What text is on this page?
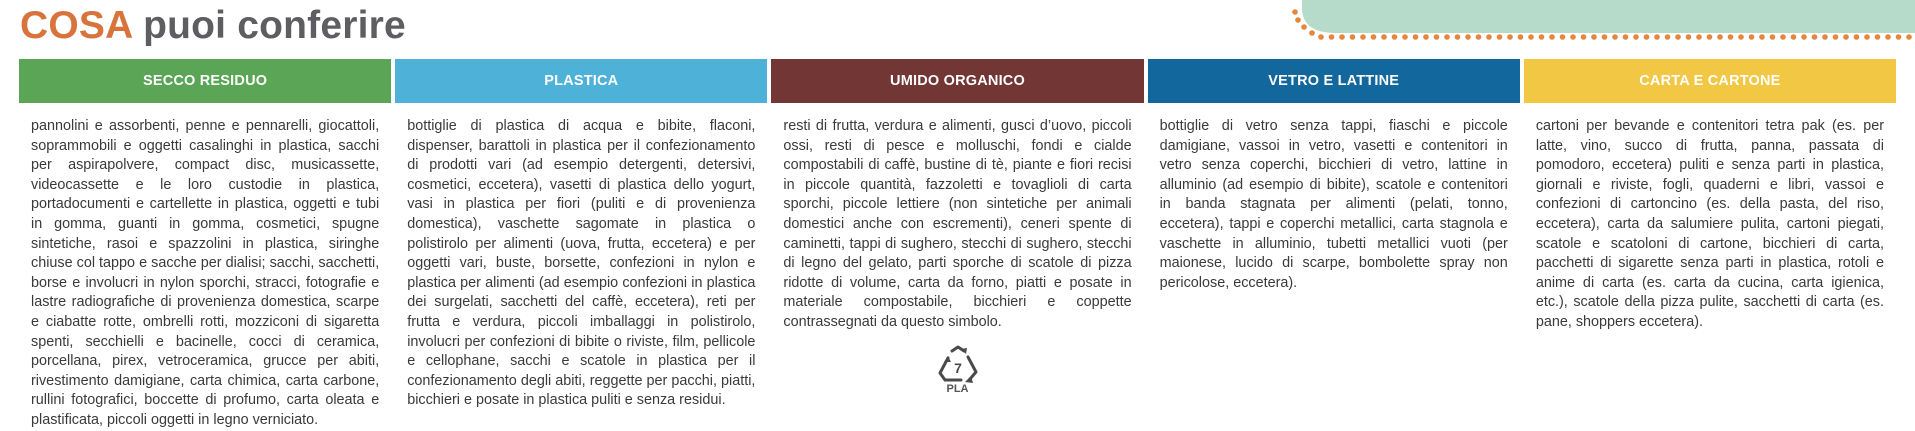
COSA puoi conferire
SECCO RESIDUO

pannolini e assorbenti, penne e pennarelli, giocattoli, soprammobili e oggetti casalinghi in plastica, sacchi per aspirapolvere, compact disc, musicassette, videocassette e le loro custodie in plastica, portadocumenti e cartellette in plastica, oggetti e tubi in gomma, guanti in gomma, cosmetici, spugne sintetiche, rasoi e spazzolini in plastica, siringhe chiuse col tappo e sacche per dialisi; sacchi, sacchetti, borse e involucri in nylon sporchi, stracci, fotografie e lastre radiografiche di provenienza domestica, scarpe e ciabatte rotte, ombrelli rotti, mozziconi di sigaretta spenti, secchielli e bacinelle, cocci di ceramica, porcellana, pirex, vetroceramica, grucce per abiti, rivestimento damigiane, carta chimica, carta carbone, rullini fotografici, boccette di profumo, carta oleata e plastificata, piccoli oggetti in legno verniciato.

PLASTICA

bottiglie di plastica di acqua e bibite, flaconi, dispenser, barattoli in plastica per il confezionamento di prodotti vari (ad esempio detergenti, detersivi, cosmetici, eccetera), vasetti di plastica dello yogurt, vasi in plastica per fiori (puliti e di provenienza domestica), vaschette sagomate in plastica o polistirolo per alimenti (uova, frutta, eccetera) e per oggetti vari, buste, borsette, confezioni in nylon e plastica per alimenti (ad esempio confezioni in plastica dei surgelati, sacchetti del caffè, eccetera), reti per frutta e verdura, piccoli imballaggi in polistirolo, involucri per confezioni di bibite o riviste, film, pellicole e cellophane, sacchi e scatole in plastica per il confezionamento degli abiti, reggette per pacchi, piatti, bicchieri e posate in plastica puliti e senza residui.

UMIDO ORGANICO

resti di frutta, verdura e alimenti, gusci d’uovo, piccoli ossi, resti di pesce e molluschi, fondi e cialde compostabili di caffè, bustine di tè, piante e fiori recisi in piccole quantità, fazzoletti e tovaglioli di carta sporchi, piccole lettiere (non sintetiche per animali domestici anche con escrementi), ceneri spente di caminetti, tappi di sughero, stecchi di sughero, stecchi di legno del gelato, parti sporche di scatole di pizza ridotte di volume, carta da forno, piatti e posate in materiale compostabile, bicchieri e coppette contrassegnati da questo simbolo.

7
PLA
VETRO E LATTINE

bottiglie di vetro senza tappi, fiaschi e piccole damigiane, vassoi in vetro, vasetti e contenitori in vetro senza coperchi, bicchieri di vetro, lattine in alluminio (ad esempio di bibite), scatole e contenitori in banda stagnata per alimenti (pelati, tonno, eccetera), tappi e coperchi metallici, carta stagnola e vaschette in alluminio, tubetti metallici vuoti (per maionese, lucido di scarpe, bombolette spray non pericolose, eccetera).

CARTA E CARTONE

cartoni per bevande e contenitori tetra pak (es. per latte, vino, succo di frutta, panna, passata di pomodoro, eccetera) puliti e senza parti in plastica, giornali e riviste, fogli, quaderni e libri, vassoi e confezioni di cartoncino (es. della pasta, del riso, eccetera), carta da salumiere pulita, cartoni piegati, scatole e scatoloni di cartone, bicchieri di carta, pacchetti di sigarette senza parti in plastica, rotoli e anime di carta (es. carta da cucina, carta igienica, etc.), scatole della pizza pulite, sacchetti di carta (es. pane, shoppers eccetera).
